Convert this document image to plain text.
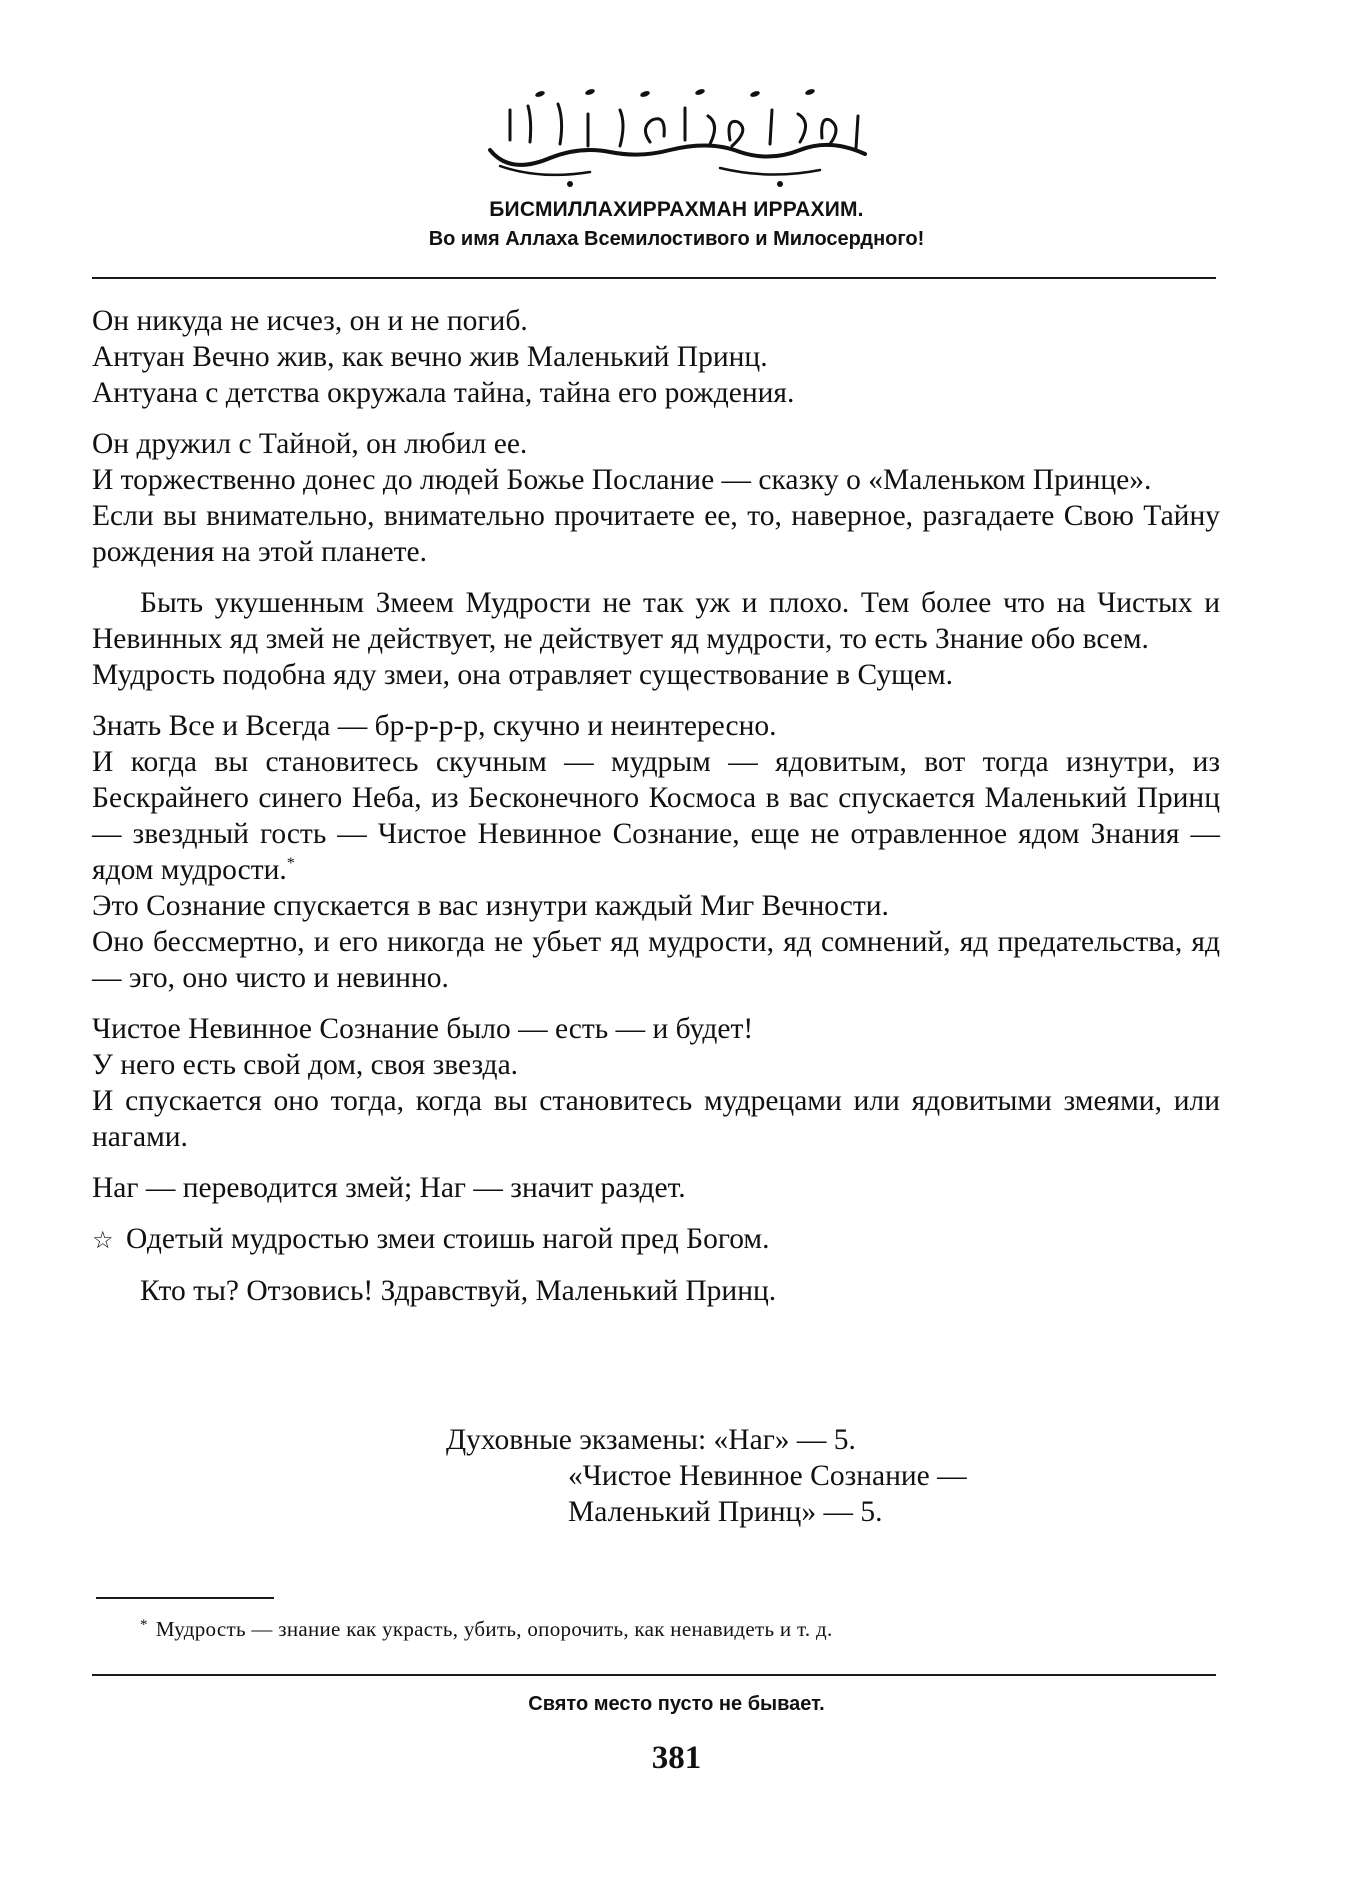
БИСМИЛЛАХИРРАХМАН ИРРАХИМ.
Во имя Аллаха Всемилостивого и Милосердного!

Он никуда не исчез, он и не погиб.
Антуан Вечно жив, как вечно жив Маленький Принц.
Антуана с детства окружала тайна, тайна его рождения.

Он дружил с Тайной, он любил ее.
И торжественно донес до людей Божье Послание — сказку о «Маленьком Принце».
Если вы внимательно, внимательно прочитаете ее, то, наверное, разгадаете Свою Тайну рождения на этой планете.

Быть укушенным Змеем Мудрости не так уж и плохо. Тем более что на Чистых и Невинных яд змей не действует, не действует яд мудрости, то есть Знание обо всем.
Мудрость подобна яду змеи, она отравляет существование в Сущем.

Знать Все и Всегда — бр-р-р-р, скучно и неинтересно.
И когда вы становитесь скучным — мудрым — ядовитым, вот тогда изнутри, из Бескрайнего синего Неба, из Бесконечного Космоса в вас спускается Маленький Принц — звездный гость — Чистое Невинное Сознание, еще не отравленное ядом Знания — ядом мудрости.*
Это Сознание спускается в вас изнутри каждый Миг Вечности.
Оно бессмертно, и его никогда не убьет яд мудрости, яд сомнений, яд предательства, яд — эго, оно чисто и невинно.

Чистое Невинное Сознание было — есть — и будет!
У него есть свой дом, своя звезда.
И спускается оно тогда, когда вы становитесь мудрецами или ядовитыми змеями, или нагами.

Наг — переводится змей; Наг — значит раздет.

☆ Одетый мудростью змеи стоишь нагой пред Богом.

Кто ты? Отзовись! Здравствуй, Маленький Принц.

Духовные экзамены: «Наг» — 5.
«Чистое Невинное Сознание —
Маленький Принц» — 5.
* Мудрость — знание как украсть, убить, опорочить, как ненавидеть и т. д.
Свято место пусто не бывает.
381
